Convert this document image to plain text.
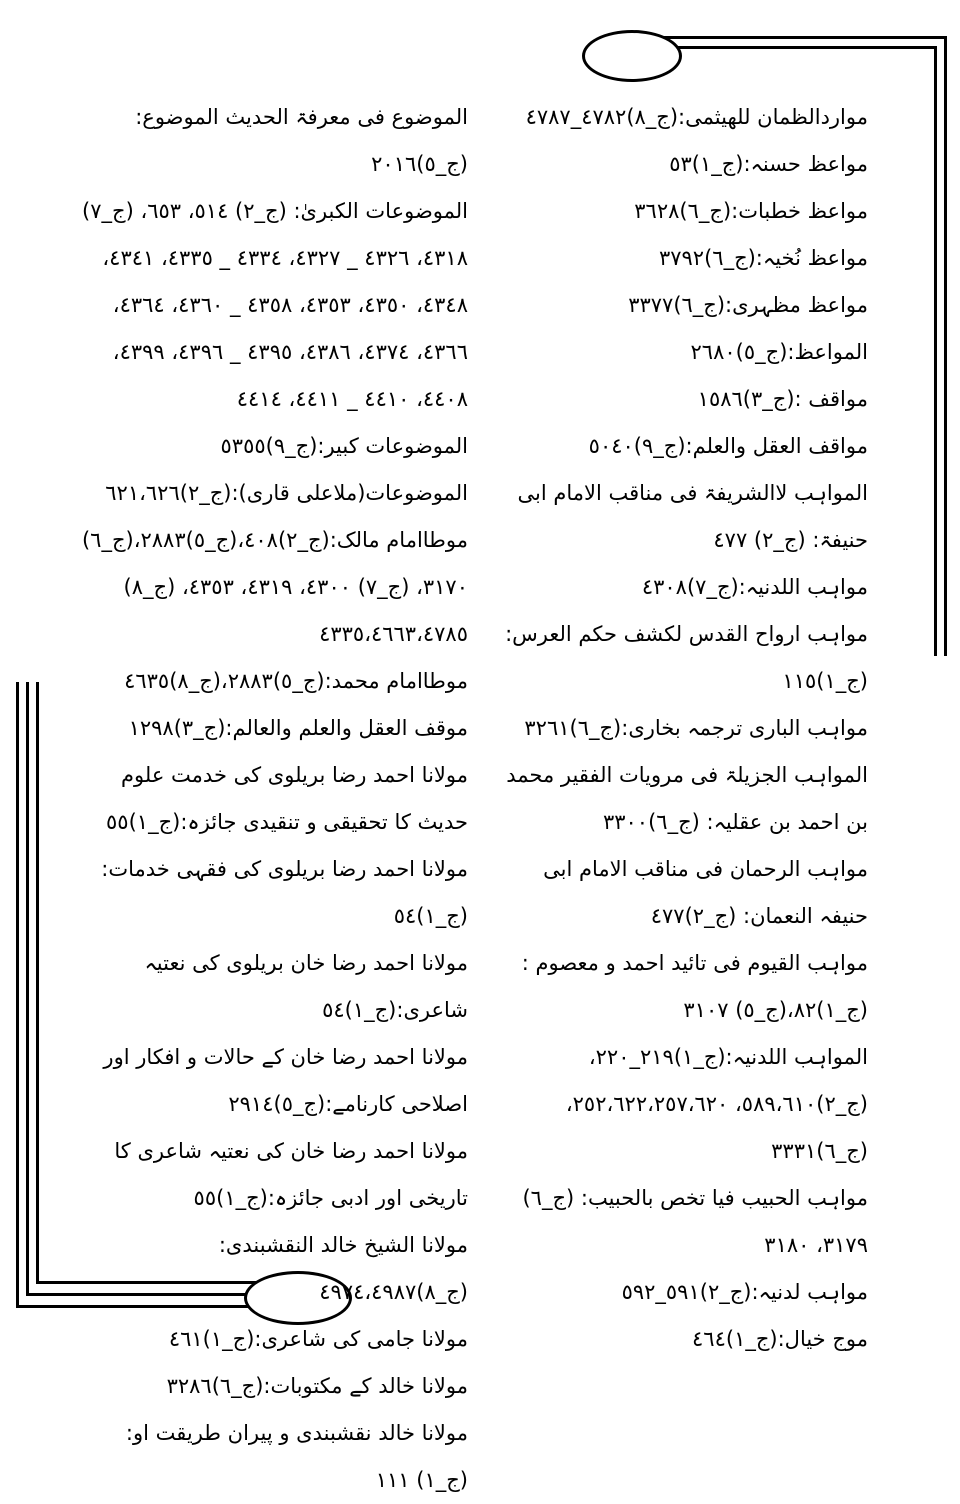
مواردالظمان للهيثمی:(ج_٨)٤٧٨٢_٤٧٨٧

مواعظ حسنہ:(ج_١)٥٣

مواعظ خطبات:(ج_٦)٣٦٢٨

مواعظ نُخیہ:(ج_٦)٣٧٩٢

مواعظ مظہری:(ج_٦)٣٣٧٧

المواعظ:(ج_٥)٢٦٨٠

مواقف :(ج_٣)١٥٨٦

مواقف العقل والعلم:(ج_٩)٥٠٤٠

المواہب لاالشریفۃ فی مناقب الامام ابی حنیفۃ: (ج_٢) ٤٧٧

مواہب اللدنیہ:(ج_٧)٤٣٠٨

مواہب ارواح القدس لکشف حکم العرس:(ج_١)١١٥

مواہب الباری ترجمہ بخاری:(ج_٦)٣٢٦١

المواہب الجزیلۃ فی مرویات الفقیر محمد بن احمد بن عقلیہ: (ج_٦)٣٣٠٠

مواہب الرحمان فی مناقب الامام ابی حنیفہ النعمان: (ج_٢)٤٧٧

مواہب القیوم فی تائید احمد و معصوم :(ج_١)٨٢،(ج_٥) ٣١٠٧

المواہب اللدنیہ:(ج_١)٢١٩_٢٢٠،(ج_٢)٥٨٩،٦١٠، ٢٥٢،٦٢٢،٢٥٧،٦٢٠،(ج_٦)٣٣٣١

مواہب الحبیب فیا تخص بالحبیب: (ج_٦) ٣١٧٩، ٣١٨٠

مواہب لدنیہ:(ج_٢)٥٩١_٥٩٢

موج خیال:(ج_١)٤٦٤

الموضوع فی معرفۃ الحدیث الموضوع:(ج_٥)٢٠١٦

الموضوعات الکبریٰ: (ج_٢) ٥١٤، ٦٥٣، (ج_٧) ٤٣١٨، ٤٣٢٦ _ ٤٣٢٧، ٤٣٣٤ _ ٤٣٣٥، ٤٣٤١، ٤٣٤٨، ٤٣٥٠، ٤٣٥٣، ٤٣٥٨ _ ٤٣٦٠، ٤٣٦٤، ٤٣٦٦، ٤٣٧٤، ٤٣٨٦، ٤٣٩٥ _ ٤٣٩٦، ٤٣٩٩، ٤٤٠٨، ٤٤١٠ _ ٤٤١١، ٤٤١٤

الموضوعات کبیر:(ج_٩)٥٣٥٥

الموضوعات(ملاعلی قاری):(ج_٢)٦٢١،٦٢٦

موطاامام مالک:(ج_٢)٤٠٨،(ج_٥)٢٨٨٣،(ج_٦) ٣١٧٠، (ج_٧) ٤٣٠٠، ٤٣١٩، ٤٣٥٣، (ج_٨) ٤٣٣٥،٤٦٦٣،٤٧٨٥

موطاامام محمد:(ج_٥)٢٨٨٣،(ج_٨)٤٦٣٥

موقف العقل والعلم والعالم:(ج_٣)١٢٩٨

مولانا احمد رضا بریلوی کی خدمت علوم حدیث کا تحقیقی و تنقیدی جائزہ:(ج_١)٥٥

مولانا احمد رضا بریلوی کی فقہی خدمات:(ج_١)٥٤

مولانا احمد رضا خان بریلوی کی نعتیہ شاعری:(ج_١)٥٤

مولانا احمد رضا خان کے حالات و افکار اور اصلاحی کارنامے:(ج_٥)٢٩١٤

مولانا احمد رضا خان کی نعتیہ شاعری کا تاریخی اور ادبی جائزہ:(ج_١)٥٥

مولانا الشیخ خالد النقشبندی:(ج_٨)٤٩٧٤،٤٩٨٧

مولانا جامی کی شاعری:(ج_١)٤٦١

مولانا خالد کے مکتوبات:(ج_٦)٣٢٨٦

مولانا خالد نقشبندی و پیران طریقت او: (ج_١) ١١١
